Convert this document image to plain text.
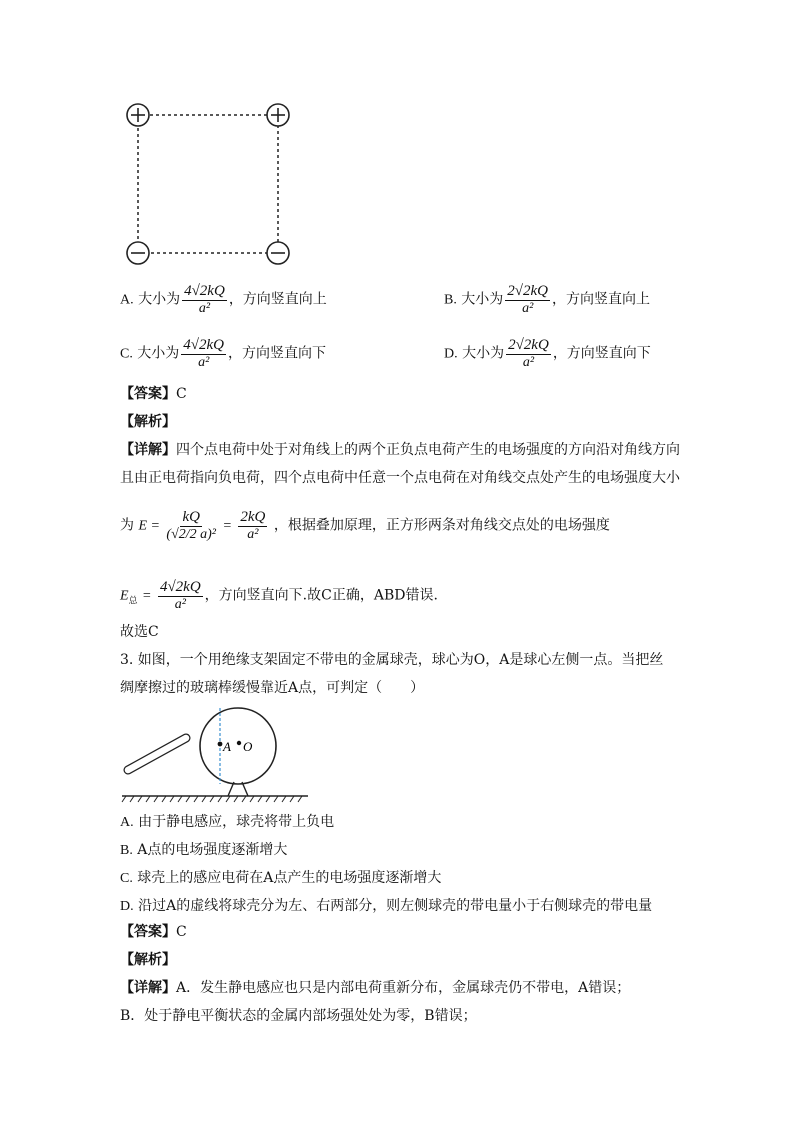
A. 大小为 $\frac{4√2kQ}{\text{a²}}$ ，方向竖直向上	B. 大小为 $\frac{2√2kQ}{\text{a²}}$ ，方向竖直向上
C. 大小为 $\frac{4√2kQ}{\text{a²}}$ ，方向竖直向下	D. 大小为 $\frac{2√2kQ}{\text{a²}}$ ，方向竖直向下
【答案】C
【解析】
【详解】四个点电荷中处于对角线上的两个正负点电荷产生的电场强度的方向沿对角线方向
且由正电荷指向负电荷，四个点电荷中任意一个点电荷在对角线交点处产生的电场强度大小
为 $E = \frac{kQ}{\text{(√2/2 a)²}} = \frac{2kQ}{\text{a²}}$ ，根据叠加原理，正方形两条对角线交点处的电场强度
$E_总 = \frac{4√2kQ}{\text{a²}}$ ，方向竖直向下.故C正确，ABD错误.
故选C
3. 如图，一个用绝缘支架固定不带电的金属球壳，球心为O，A是球心左侧一点。当把丝
绸摩擦过的玻璃棒缓慢靠近A点，可判定（　　）
A O
A. 由于静电感应，球壳将带上负电
B. A点的电场强度逐渐增大
C. 球壳上的感应电荷在A点产生的电场强度逐渐增大
D. 沿过A的虚线将球壳分为左、右两部分，则左侧球壳的带电量小于右侧球壳的带电量
【答案】C
【解析】
【详解】A．发生静电感应也只是内部电荷重新分布，金属球壳仍不带电，A错误；
B．处于静电平衡状态的金属内部场强处处为零，B错误；
